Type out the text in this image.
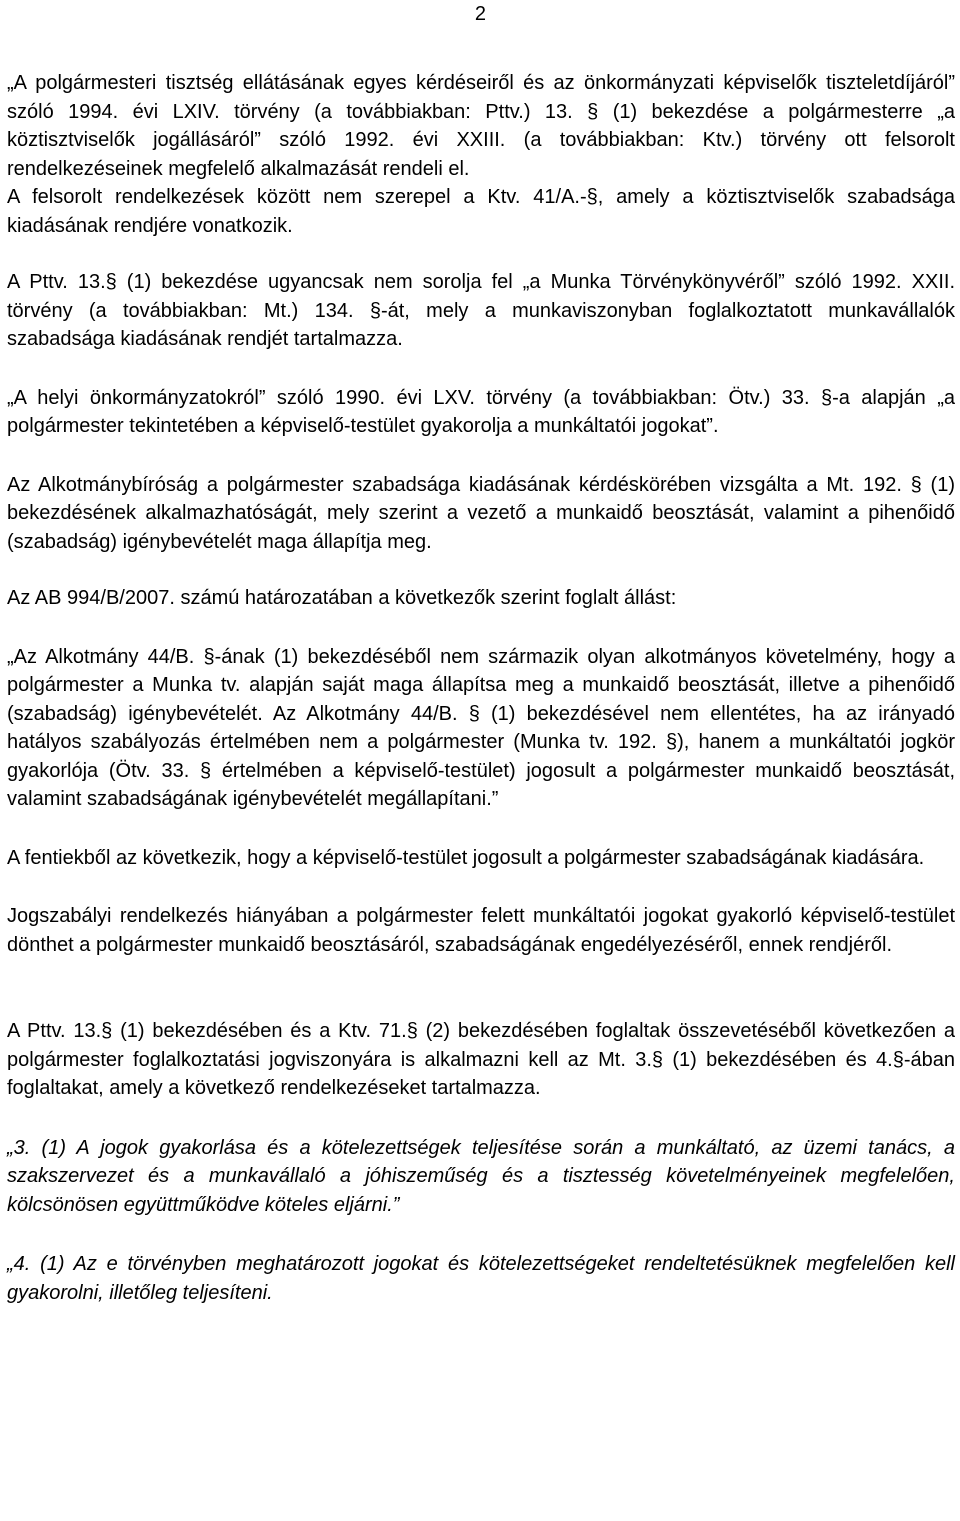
2

„A polgármesteri tisztség ellátásának egyes kérdéseiről és az önkormányzati képviselők tiszteletdíjáról” szóló 1994. évi LXIV. törvény (a továbbiakban: Pttv.) 13. § (1) bekezdése a polgármesterre „a köztisztviselők jogállásáról” szóló 1992. évi XXIII. (a továbbiakban: Ktv.) törvény ott felsorolt rendelkezéseinek megfelelő alkalmazását rendeli el.

A felsorolt rendelkezések között nem szerepel a Ktv. 41/A.-§, amely a köztisztviselők szabadsága kiadásának rendjére vonatkozik.

A Pttv. 13.§ (1) bekezdése ugyancsak nem sorolja fel „a Munka Törvénykönyvéről” szóló 1992. XXII. törvény (a továbbiakban: Mt.) 134. §-át, mely a munkaviszonyban foglalkoztatott munkavállalók szabadsága kiadásának rendjét tartalmazza.

„A helyi önkormányzatokról” szóló 1990. évi LXV. törvény (a továbbiakban: Ötv.) 33. §-a alapján „a polgármester tekintetében a képviselő-testület gyakorolja a munkáltatói jogokat”.

Az Alkotmánybíróság a polgármester szabadsága kiadásának kérdéskörében vizsgálta a Mt. 192. § (1) bekezdésének alkalmazhatóságát, mely szerint a vezető a munkaidő beosztását, valamint a pihenőidő (szabadság) igénybevételét maga állapítja meg.

Az AB 994/B/2007. számú határozatában a következők szerint foglalt állást:

„Az Alkotmány 44/B. §-ának (1) bekezdéséből nem származik olyan alkotmányos követelmény, hogy a polgármester a Munka tv. alapján saját maga állapítsa meg a munkaidő beosztását, illetve a pihenőidő (szabadság) igénybevételét. Az Alkotmány 44/B. § (1) bekezdésével nem ellentétes, ha az irányadó hatályos szabályozás értelmében nem a polgármester (Munka tv. 192. §), hanem a munkáltatói jogkör gyakorlója (Ötv. 33. § értelmében a képviselő-testület) jogosult a polgármester munkaidő beosztását, valamint szabadságának igénybevételét megállapítani.”

A fentiekből az következik, hogy a képviselő-testület jogosult a polgármester szabadságának kiadására.

Jogszabályi rendelkezés hiányában a polgármester felett munkáltatói jogokat gyakorló képviselő-testület dönthet a polgármester munkaidő beosztásáról, szabadságának engedélyezéséről, ennek rendjéről.

A Pttv. 13.§ (1) bekezdésében és a Ktv. 71.§ (2) bekezdésében foglaltak összevetéséből következően a polgármester foglalkoztatási jogviszonyára is alkalmazni kell az Mt. 3.§ (1) bekezdésében és 4.§-ában foglaltakat, amely a következő rendelkezéseket tartalmazza.

„3. (1) A jogok gyakorlása és a kötelezettségek teljesítése során a munkáltató, az üzemi tanács, a szakszervezet és a munkavállaló a jóhiszeműség és a tisztesség követelményeinek megfelelően, kölcsönösen együttműködve köteles eljárni.”

„4. (1) Az e törvényben meghatározott jogokat és kötelezettségeket rendeltetésüknek megfelelően kell gyakorolni, illetőleg teljesíteni.
